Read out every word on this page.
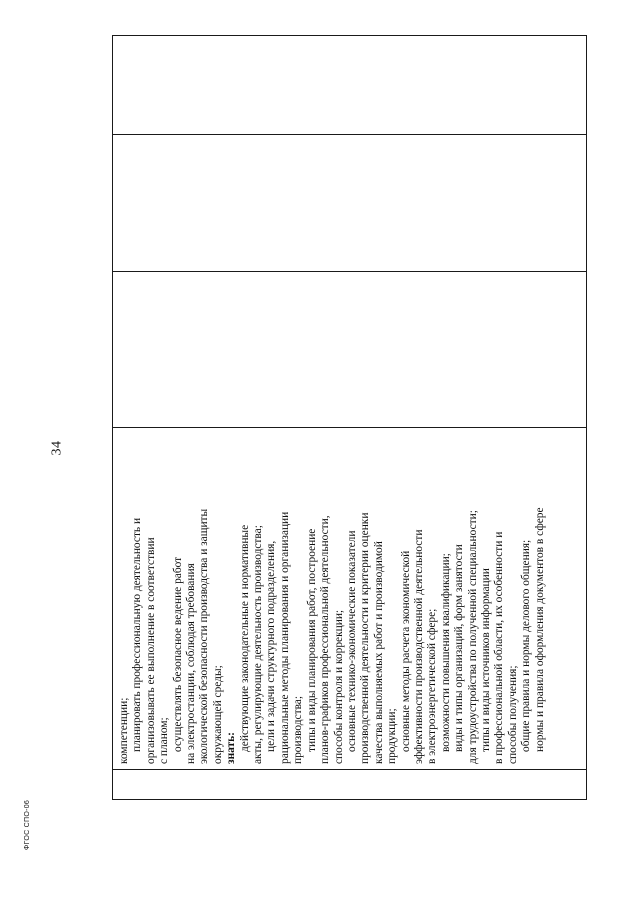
34
ФГОС СПО-06
компетенции; планировать профессиональную деятельность и организовывать ее выполнение в соответствии с планом; осуществлять безопасное ведение работ на электростанции, соблюдая требования экологической безопасности производства и защиты окружающей среды; знать: действующие законодательные и нормативные акты, регулирующие деятельность производства; цели и задачи структурного подразделения, рациональные методы планирования и организации производства; типы и виды планирования работ, построение планов-графиков профессиональной деятельности, способы контроля и коррекции; основные технико-экономические показатели производственной деятельности и критерии оценки качества выполняемых работ и производимой продукции; основные методы расчета экономической эффективности производственной деятельности в электроэнергетической сфере; возможности повышения квалификации; виды и типы организаций, форм занятости для трудоустройства по полученной специальности; типы и виды источников информации в профессиональной области, их особенности и способы получения; общие правила и нормы делового общения; нормы и правила оформления документов в сфере
